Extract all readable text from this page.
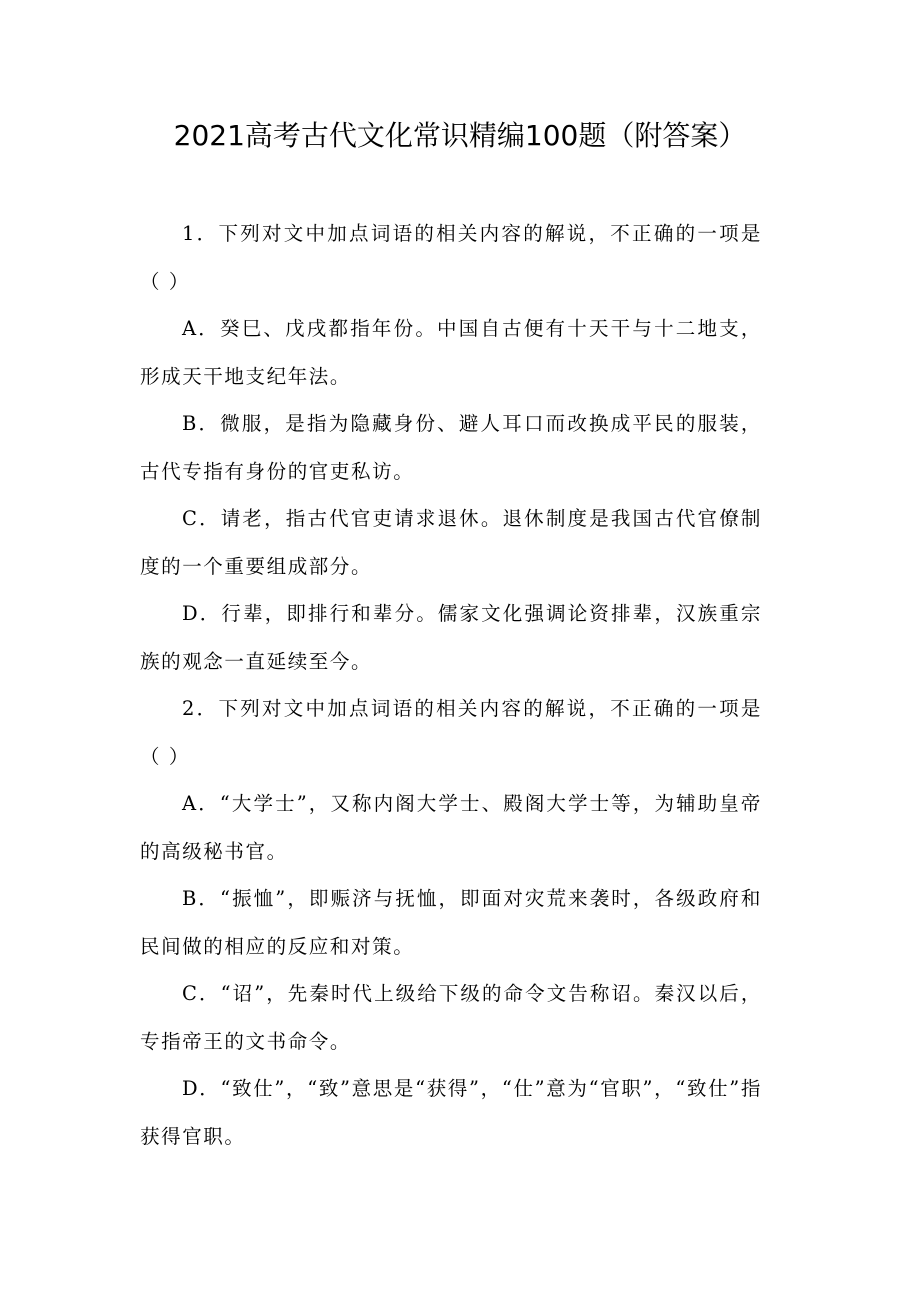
2021高考古代文化常识精编100题（附答案）

1．下列对文中加点词语的相关内容的解说，不正确的一项是（ ）

A．癸巳、戊戌都指年份。中国自古便有十天干与十二地支，形成天干地支纪年法。

B．微服，是指为隐藏身份、避人耳口而改换成平民的服装，古代专指有身份的官吏私访。

C．请老，指古代官吏请求退休。退休制度是我国古代官僚制度的一个重要组成部分。

D．行辈，即排行和辈分。儒家文化强调论资排辈，汉族重宗族的观念一直延续至今。

2．下列对文中加点词语的相关内容的解说，不正确的一项是（ ）

A．“大学士”，又称内阁大学士、殿阁大学士等，为辅助皇帝的高级秘书官。

B．“振恤”，即赈济与抚恤，即面对灾荒来袭时，各级政府和民间做的相应的反应和对策。

C．“诏”，先秦时代上级给下级的命令文告称诏。秦汉以后，专指帝王的文书命令。

D．“致仕”，“致”意思是“获得”，“仕”意为“官职”，“致仕”指获得官职。
